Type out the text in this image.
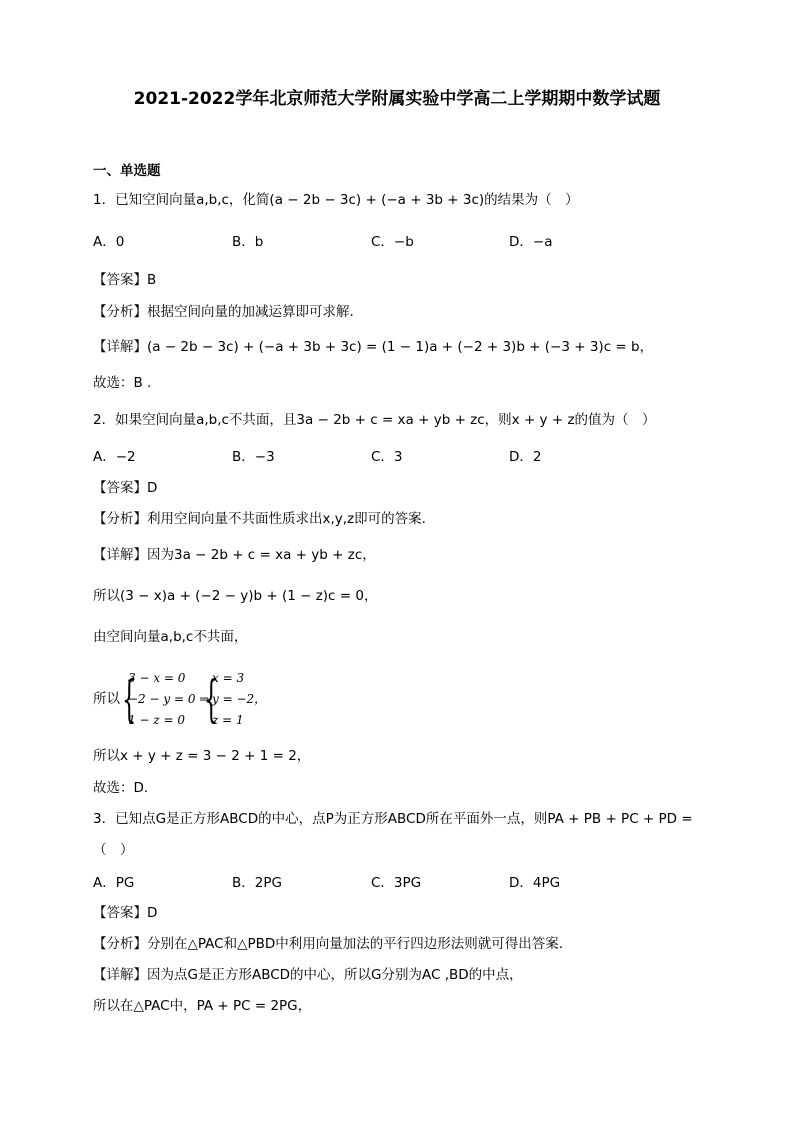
2021-2022学年北京师范大学附属实验中学高二上学期期中数学试题
一、单选题
1．已知空间向量a,b,c，化简(a − 2b − 3c) + (−a + 3b + 3c)的结果为（　）
A．0	B．b	C．−b	D．−a
【答案】B
【分析】根据空间向量的加减运算即可求解.
【详解】(a − 2b − 3c) + (−a + 3b + 3c) = (1 − 1)a + (−2 + 3)b + (−3 + 3)c = b，
故选：B .
2．如果空间向量a,b,c不共面，且3a − 2b + c = xa + yb + zc，则x + y + z的值为（　）
A．−2	B．−3	C．3	D．2
【答案】D
【分析】利用空间向量不共面性质求出x,y,z即可的答案.
【详解】因为3a − 2b + c = xa + yb + zc，
所以(3 − x)a + (−2 − y)b + (1 − z)c = 0，
由空间向量a,b,c不共面，
所以 {
3 − x = 0
−2 − y = 0 ⇒
1 − z = 0 {
x = 3
y = −2，
z = 1
所以x + y + z = 3 − 2 + 1 = 2，
故选：D.
3．已知点G是正方形ABCD的中心，点P为正方形ABCD所在平面外一点，则PA + PB + PC + PD =
（　）
A．PG	B．2PG	C．3PG	D．4PG
【答案】D
【分析】分别在△PAC和△PBD中利用向量加法的平行四边形法则就可得出答案.
【详解】因为点G是正方形ABCD的中心，所以G分别为AC ,BD的中点，
所以在△PAC中，PA + PC = 2PG，
